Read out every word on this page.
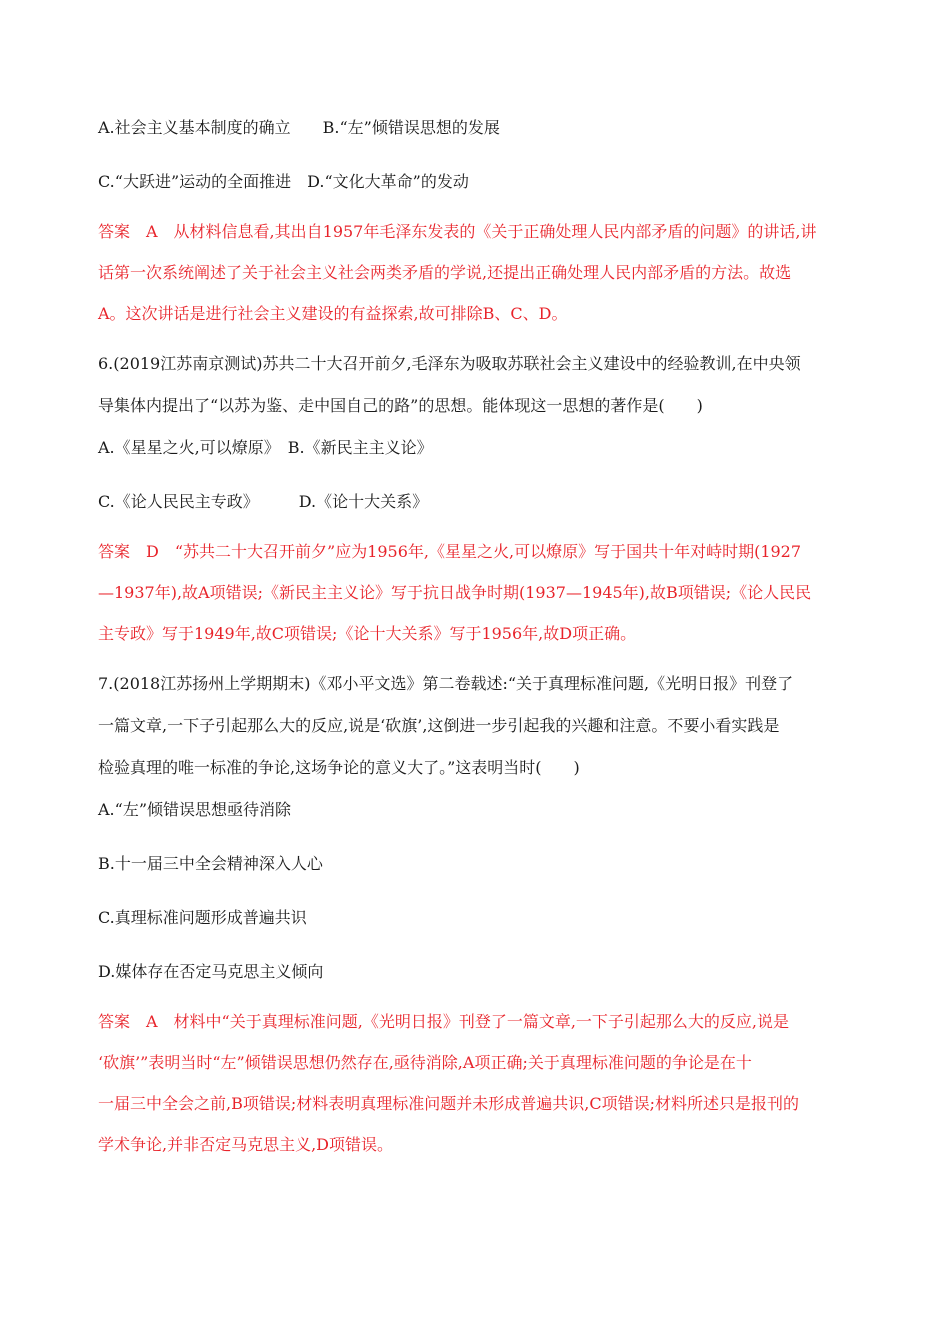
A.社会主义基本制度的确立　　B.“左”倾错误思想的发展
C.“大跃进”运动的全面推进　D.“文化大革命”的发动
答案　A　从材料信息看,其出自1957年毛泽东发表的《关于正确处理人民内部矛盾的问题》的讲话,讲
话第一次系统阐述了关于社会主义社会两类矛盾的学说,还提出正确处理人民内部矛盾的方法。故选
A。这次讲话是进行社会主义建设的有益探索,故可排除B、C、D。
6.(2019江苏南京测试)苏共二十大召开前夕,毛泽东为吸取苏联社会主义建设中的经验教训,在中央领
导集体内提出了“以苏为鉴、走中国自己的路”的思想。能体现这一思想的著作是(　　)
A.《星星之火,可以燎原》　B.《新民主主义论》
C.《论人民民主专政》　　　D.《论十大关系》
答案　D　“苏共二十大召开前夕”应为1956年,《星星之火,可以燎原》写于国共十年对峙时期(1927
—1937年),故A项错误;《新民主主义论》写于抗日战争时期(1937—1945年),故B项错误;《论人民民
主专政》写于1949年,故C项错误;《论十大关系》写于1956年,故D项正确。
7.(2018江苏扬州上学期期末)《邓小平文选》第二卷载述:“关于真理标准问题,《光明日报》刊登了
一篇文章,一下子引起那么大的反应,说是‘砍旗’,这倒进一步引起我的兴趣和注意。不要小看实践是
检验真理的唯一标准的争论,这场争论的意义大了。”这表明当时(　　)
A.“左”倾错误思想亟待消除
B.十一届三中全会精神深入人心
C.真理标准问题形成普遍共识
D.媒体存在否定马克思主义倾向
答案　A　材料中“关于真理标准问题,《光明日报》刊登了一篇文章,一下子引起那么大的反应,说是
‘砍旗’”表明当时“左”倾错误思想仍然存在,亟待消除,A项正确;关于真理标准问题的争论是在十
一届三中全会之前,B项错误;材料表明真理标准问题并未形成普遍共识,C项错误;材料所述只是报刊的
学术争论,并非否定马克思主义,D项错误。
